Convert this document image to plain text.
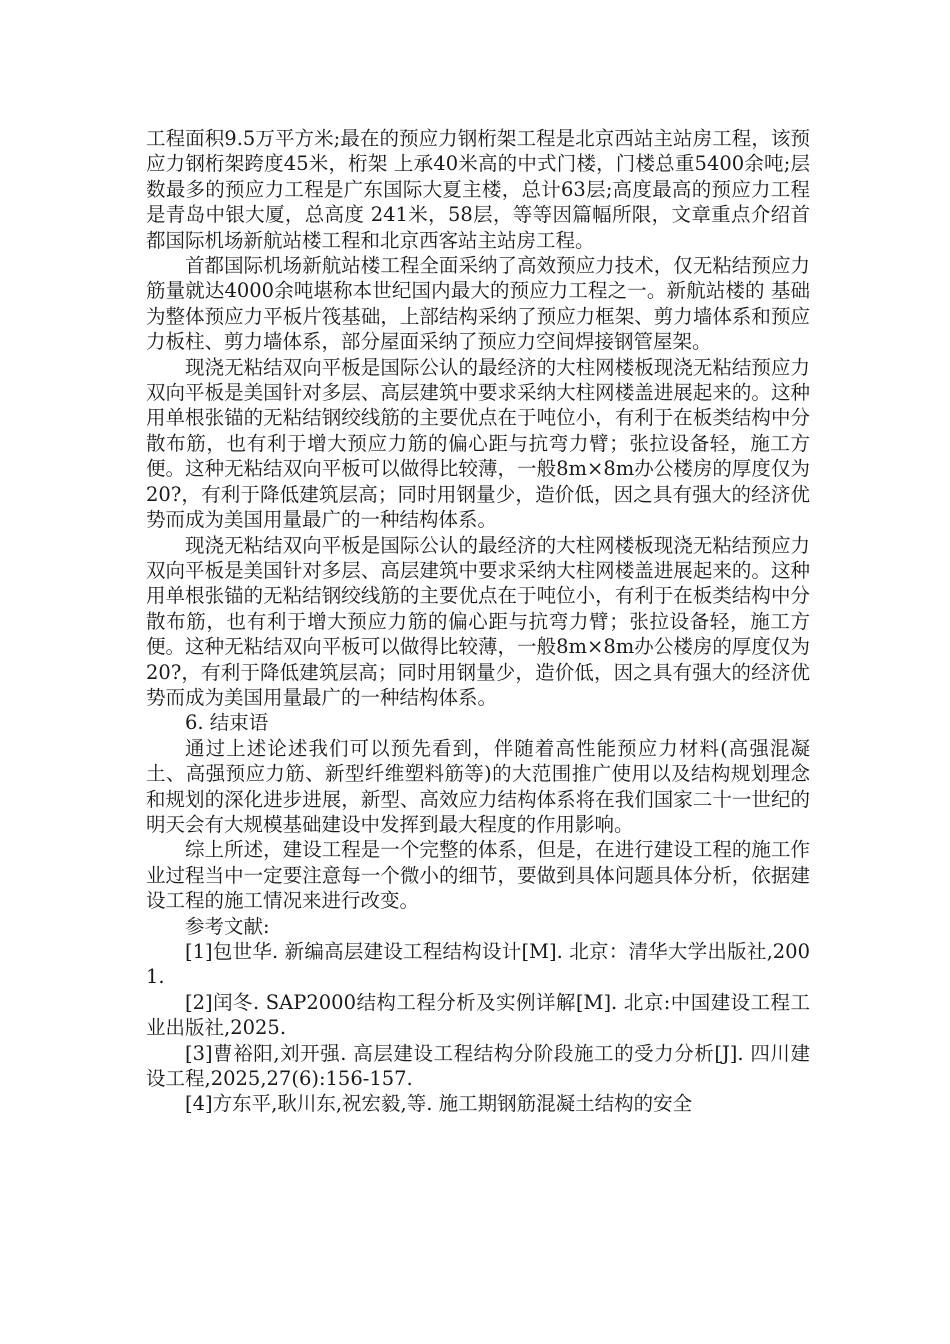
工程面积9.5万平方米;最在的预应力钢桁架工程是北京西站主站房工程，该预应力钢桁架跨度45米，桁架 上承40米高的中式门楼，门楼总重5400余吨;层数最多的预应力工程是广东国际大夏主楼，总计63层;高度最高的预应力工程是青岛中银大厦，总高度 241米，58层，等等因篇幅所限，文章重点介绍首都国际机场新航站楼工程和北京西客站主站房工程。

首都国际机场新航站楼工程全面采纳了高效预应力技术，仅无粘结预应力筋量就达4000余吨堪称本世纪国内最大的预应力工程之一。新航站楼的 基础为整体预应力平板片筏基础，上部结构采纳了预应力框架、剪力墙体系和预应力板柱、剪力墙体系，部分屋面采纳了预应力空间焊接钢管屋架。

现浇无粘结双向平板是国际公认的最经济的大柱网楼板现浇无粘结预应力双向平板是美国针对多层、高层建筑中要求采纳大柱网楼盖进展起来的。这种用单根张锚的无粘结钢绞线筋的主要优点在于吨位小，有利于在板类结构中分散布筋，也有利于增大预应力筋的偏心距与抗弯力臂；张拉设备轻，施工方便。这种无粘结双向平板可以做得比较薄，一般8m×8m办公楼房的厚度仅为20?，有利于降低建筑层高；同时用钢量少，造价低，因之具有强大的经济优势而成为美国用量最广的一种结构体系。

现浇无粘结双向平板是国际公认的最经济的大柱网楼板现浇无粘结预应力双向平板是美国针对多层、高层建筑中要求采纳大柱网楼盖进展起来的。这种用单根张锚的无粘结钢绞线筋的主要优点在于吨位小，有利于在板类结构中分散布筋，也有利于增大预应力筋的偏心距与抗弯力臂；张拉设备轻，施工方便。这种无粘结双向平板可以做得比较薄，一般8m×8m办公楼房的厚度仅为20?，有利于降低建筑层高；同时用钢量少，造价低，因之具有强大的经济优势而成为美国用量最广的一种结构体系。

6. 结束语

通过上述论述我们可以预先看到，伴随着高性能预应力材料(高强混凝土、高强预应力筋、新型纤维塑料筋等)的大范围推广使用以及结构规划理念和规划的深化进步进展，新型、高效应力结构体系将在我们国家二十一世纪的明天会有大规模基础建设中发挥到最大程度的作用影响。

综上所述，建设工程是一个完整的体系，但是，在进行建设工程的施工作业过程当中一定要注意每一个微小的细节，要做到具体问题具体分析，依据建设工程的施工情况来进行改变。

参考文献:

[1]包世华. 新编高层建设工程结构设计[M]. 北京：清华大学出版社,2001.

[2]闰冬. SAP2000结构工程分析及实例详解[M]. 北京:中国建设工程工业出版社,2025.

[3]曹裕阳,刘开强. 高层建设工程结构分阶段施工的受力分析[J]. 四川建设工程,2025,27(6):156-157.

[4]方东平,耿川东,祝宏毅,等. 施工期钢筋混凝土结构的安全
